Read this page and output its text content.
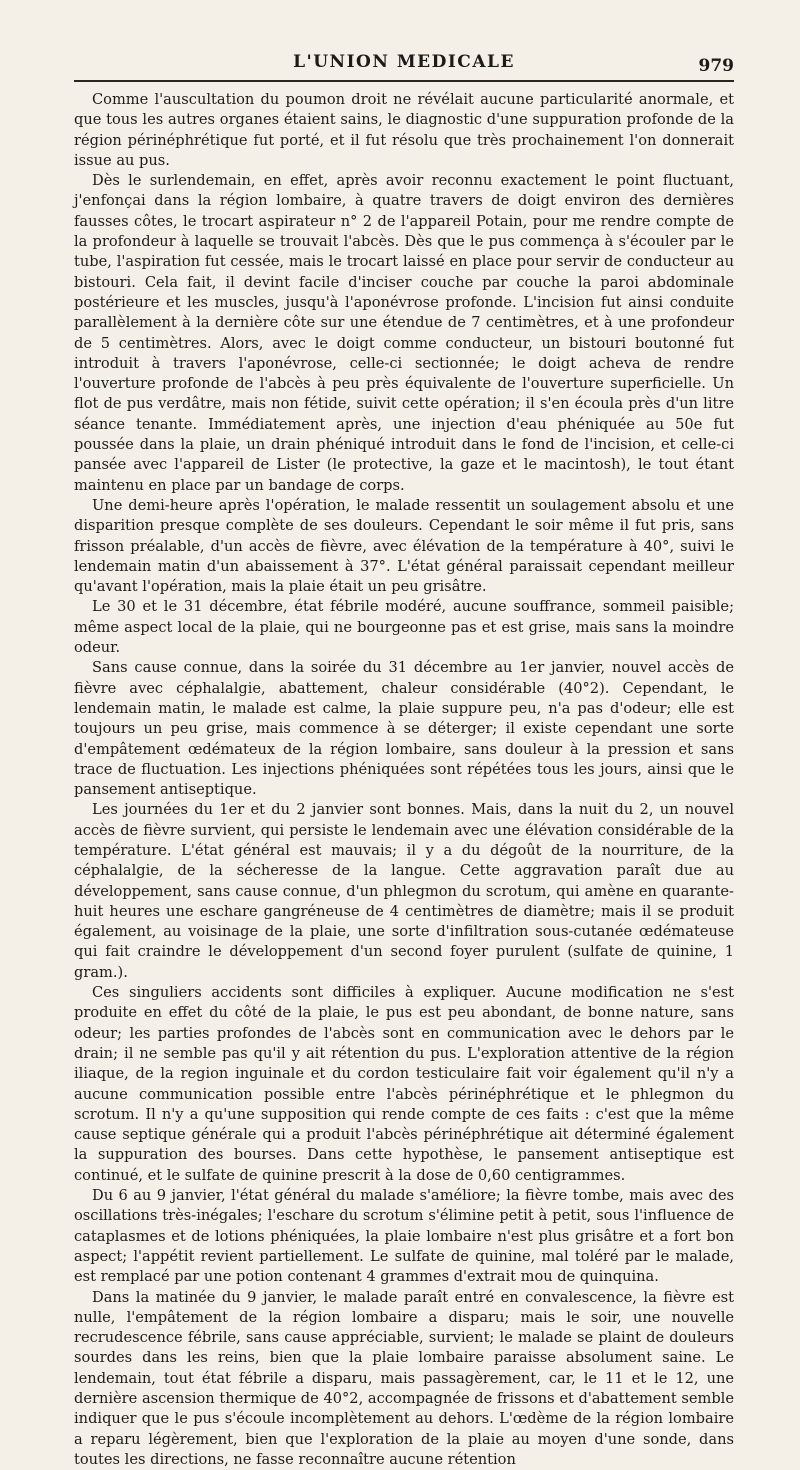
L'UNION MEDICALE	979

Comme l'auscultation du poumon droit ne révélait aucune particularité anormale, et que tous les autres organes étaient sains, le diagnostic d'une suppuration profonde de la région périnéphrétique fut porté, et il fut résolu que très prochainement l'on donnerait issue au pus.

Dès le surlendemain, en effet, après avoir reconnu exactement le point fluctuant, j'enfonçai dans la région lombaire, à quatre travers de doigt environ des dernières fausses côtes, le trocart aspirateur n° 2 de l'appareil Potain, pour me rendre compte de la profondeur à laquelle se trouvait l'abcès. Dès que le pus commença à s'écouler par le tube, l'aspiration fut cessée, mais le trocart laissé en place pour servir de conducteur au bistouri. Cela fait, il devint facile d'inciser couche par couche la paroi abdominale postérieure et les muscles, jusqu'à l'aponévrose profonde. L'incision fut ainsi conduite parallèlement à la dernière côte sur une étendue de 7 centimètres, et à une profondeur de 5 centimètres. Alors, avec le doigt comme conducteur, un bistouri boutonné fut introduit à travers l'aponévrose, celle-ci sectionnée; le doigt acheva de rendre l'ouverture profonde de l'abcès à peu près équivalente de l'ouverture superficielle. Un flot de pus verdâtre, mais non fétide, suivit cette opération; il s'en écoula près d'un litre séance tenante. Immédiatement après, une injection d'eau phéniquée au 50e fut poussée dans la plaie, un drain phéniqué introduit dans le fond de l'incision, et celle-ci pansée avec l'appareil de Lister (le protective, la gaze et le macintosh), le tout étant maintenu en place par un bandage de corps.

Une demi-heure après l'opération, le malade ressentit un soulagement absolu et une disparition presque complète de ses douleurs. Cependant le soir même il fut pris, sans frisson préalable, d'un accès de fièvre, avec élévation de la température à 40°, suivi le lendemain matin d'un abaissement à 37°. L'état général paraissait cependant meilleur qu'avant l'opération, mais la plaie était un peu grisâtre.

Le 30 et le 31 décembre, état fébrile modéré, aucune souffrance, sommeil paisible; même aspect local de la plaie, qui ne bourgeonne pas et est grise, mais sans la moindre odeur.

Sans cause connue, dans la soirée du 31 décembre au 1er janvier, nouvel accès de fièvre avec céphalalgie, abattement, chaleur considérable (40°2). Cependant, le lendemain matin, le malade est calme, la plaie suppure peu, n'a pas d'odeur; elle est toujours un peu grise, mais commence à se déterger; il existe cependant une sorte d'empâtement œdémateux de la région lombaire, sans douleur à la pression et sans trace de fluctuation. Les injections phéniquées sont répétées tous les jours, ainsi que le pansement antiseptique.

Les journées du 1er et du 2 janvier sont bonnes. Mais, dans la nuit du 2, un nouvel accès de fièvre survient, qui persiste le lendemain avec une élévation considérable de la température. L'état général est mauvais; il y a du dégoût de la nourriture, de la céphalalgie, de la sécheresse de la langue. Cette aggravation paraît due au développement, sans cause connue, d'un phlegmon du scrotum, qui amène en quarante-huit heures une eschare gangréneuse de 4 centimètres de diamètre; mais il se produit également, au voisinage de la plaie, une sorte d'infiltration sous-cutanée œdémateuse qui fait craindre le développement d'un second foyer purulent (sulfate de quinine, 1 gram.).

Ces singuliers accidents sont difficiles à expliquer. Aucune modification ne s'est produite en effet du côté de la plaie, le pus est peu abondant, de bonne nature, sans odeur; les parties profondes de l'abcès sont en communication avec le dehors par le drain; il ne semble pas qu'il y ait rétention du pus. L'exploration attentive de la région iliaque, de la region inguinale et du cordon testiculaire fait voir également qu'il n'y a aucune communication possible entre l'abcès périnéphrétique et le phlegmon du scrotum. Il n'y a qu'une supposition qui rende compte de ces faits : c'est que la même cause septique générale qui a produit l'abcès périnéphrétique ait déterminé également la suppuration des bourses. Dans cette hypothèse, le pansement antiseptique est continué, et le sulfate de quinine prescrit à la dose de 0,60 centigrammes.

Du 6 au 9 janvier, l'état général du malade s'améliore; la fièvre tombe, mais avec des oscillations très-inégales; l'eschare du scrotum s'élimine petit à petit, sous l'influence de cataplasmes et de lotions phéniquées, la plaie lombaire n'est plus grisâtre et a fort bon aspect; l'appétit revient partiellement. Le sulfate de quinine, mal toléré par le malade, est remplacé par une potion contenant 4 grammes d'extrait mou de quinquina.

Dans la matinée du 9 janvier, le malade paraît entré en convalescence, la fièvre est nulle, l'empâtement de la région lombaire a disparu; mais le soir, une nouvelle recrudescence fébrile, sans cause appréciable, survient; le malade se plaint de douleurs sourdes dans les reins, bien que la plaie lombaire paraisse absolument saine. Le lendemain, tout état fébrile a disparu, mais passagèrement, car, le 11 et le 12, une dernière ascension thermique de 40°2, accompagnée de frissons et d'abattement semble indiquer que le pus s'écoule incomplètement au dehors. L'œdème de la région lombaire a reparu légèrement, bien que l'exploration de la plaie au moyen d'une sonde, dans toutes les directions, ne fasse reconnaître aucune rétention
